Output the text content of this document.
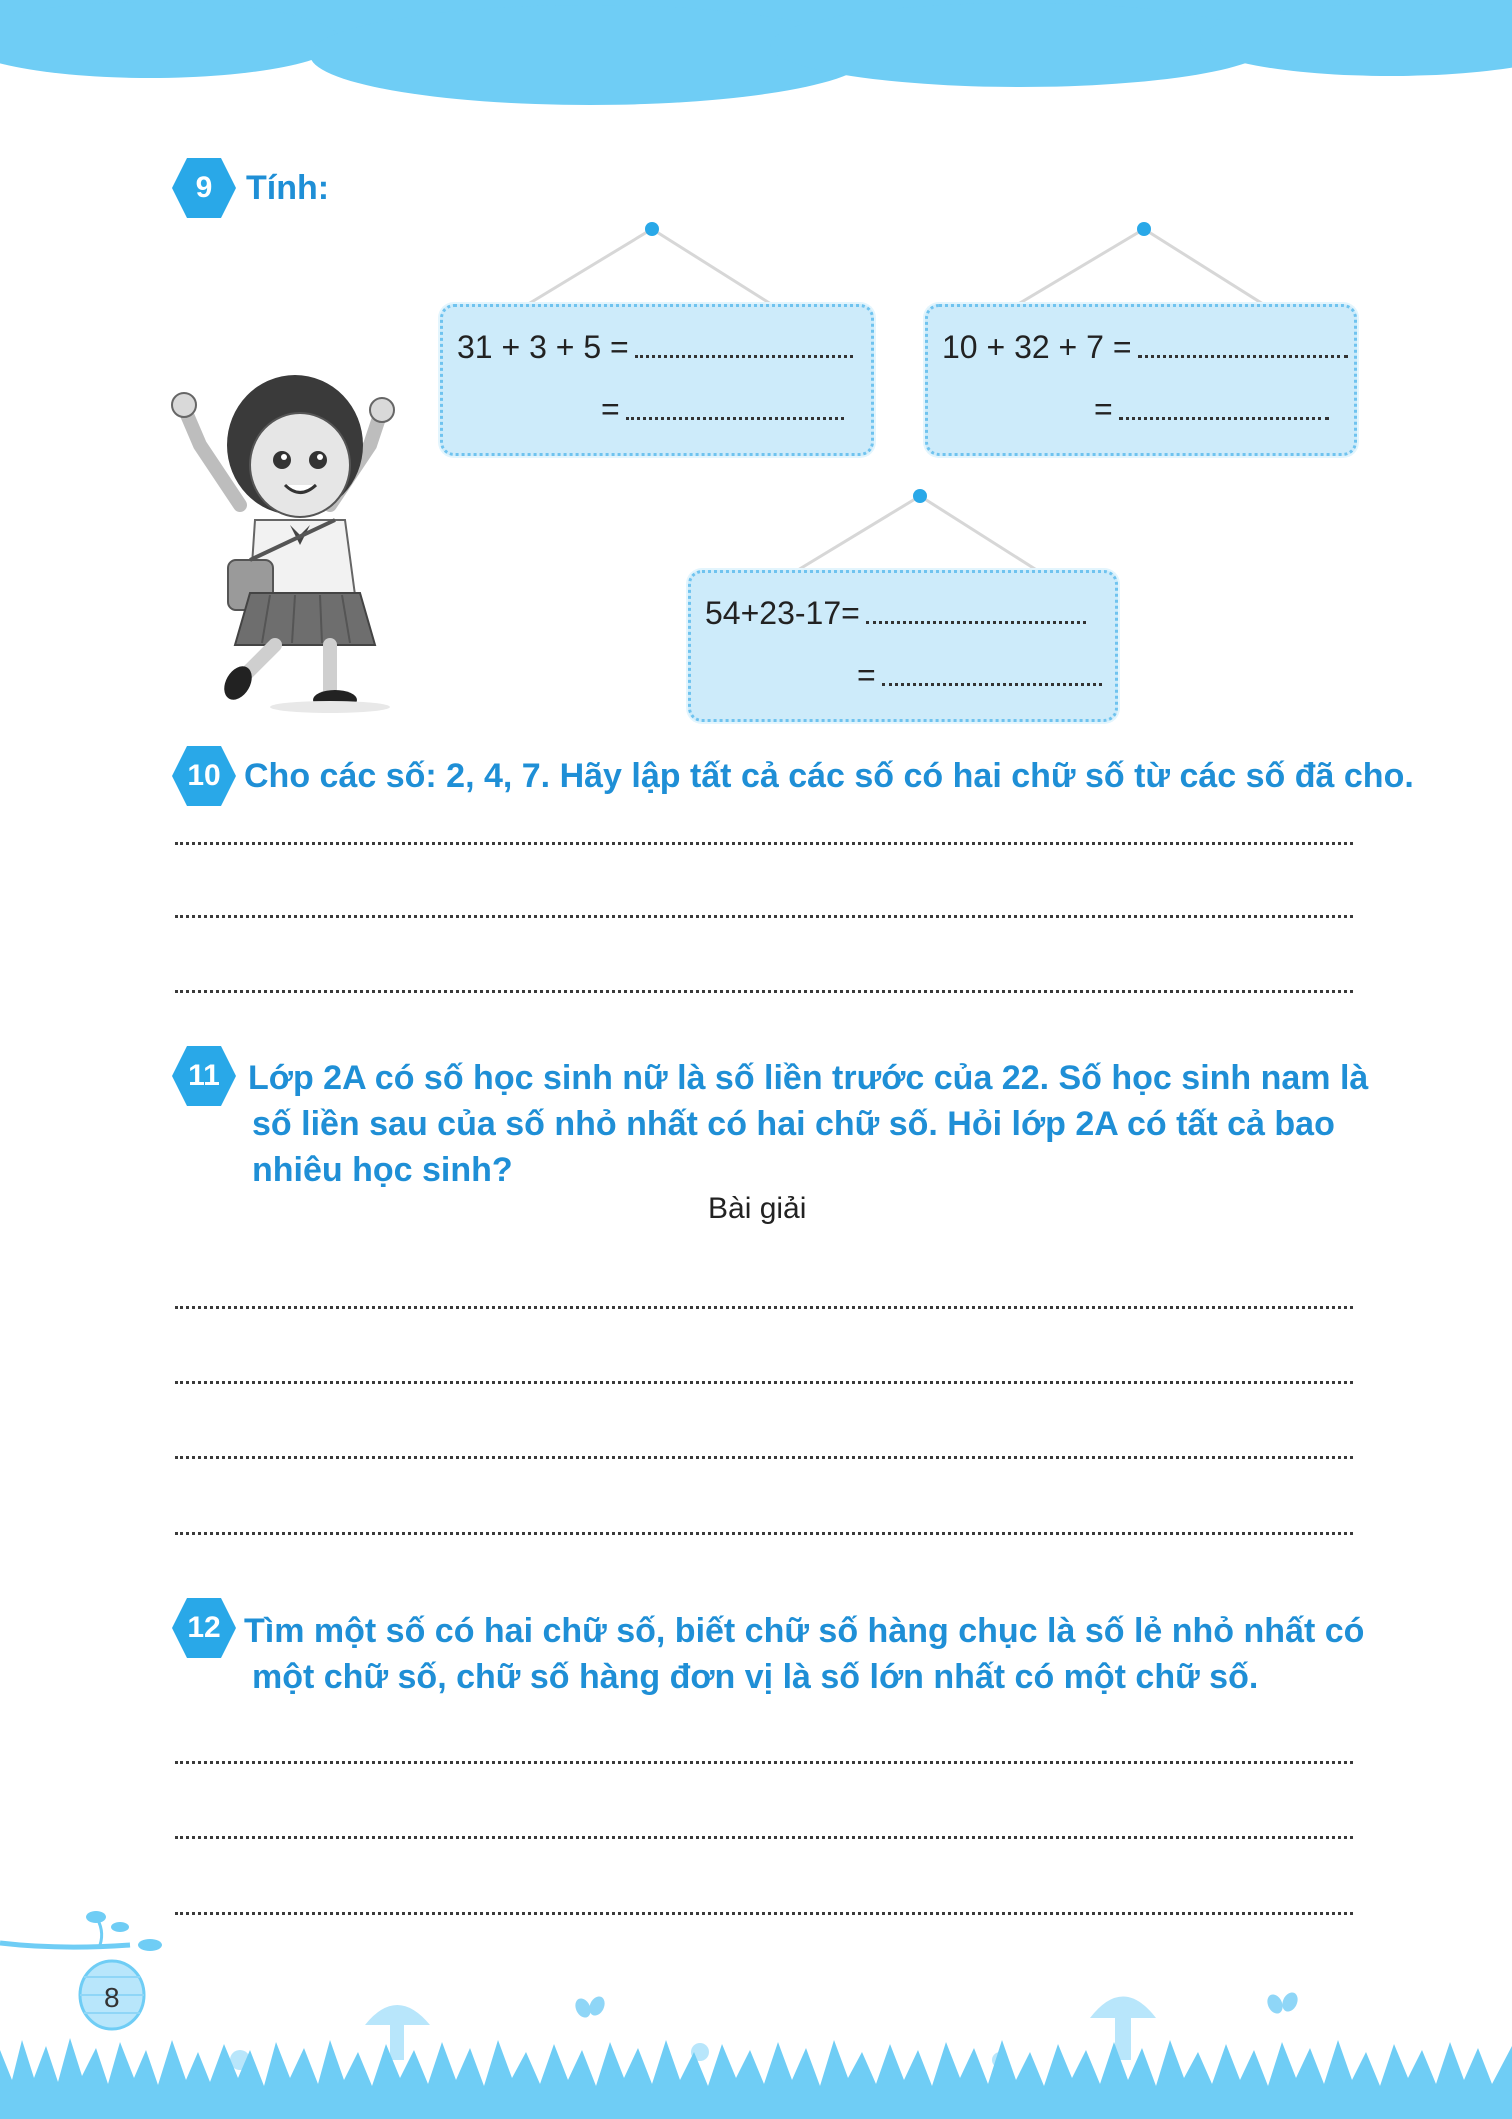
9 Tính:
31 + 3 + 5 =
=
10 + 32 + 7 =
=
54+23-17=
=
10 Cho các số: 2, 4, 7. Hãy lập tất cả các số có hai chữ số từ các số đã cho.
11 Lớp 2A có số học sinh nữ là số liền trước của 22. Số học sinh nam là
số liền sau của số nhỏ nhất có hai chữ số. Hỏi lớp 2A có tất cả bao
nhiêu học sinh?
Bài giải
12 Tìm một số có hai chữ số, biết chữ số hàng chục là số lẻ nhỏ nhất có
một chữ số, chữ số hàng đơn vị là số lớn nhất có một chữ số.
8
